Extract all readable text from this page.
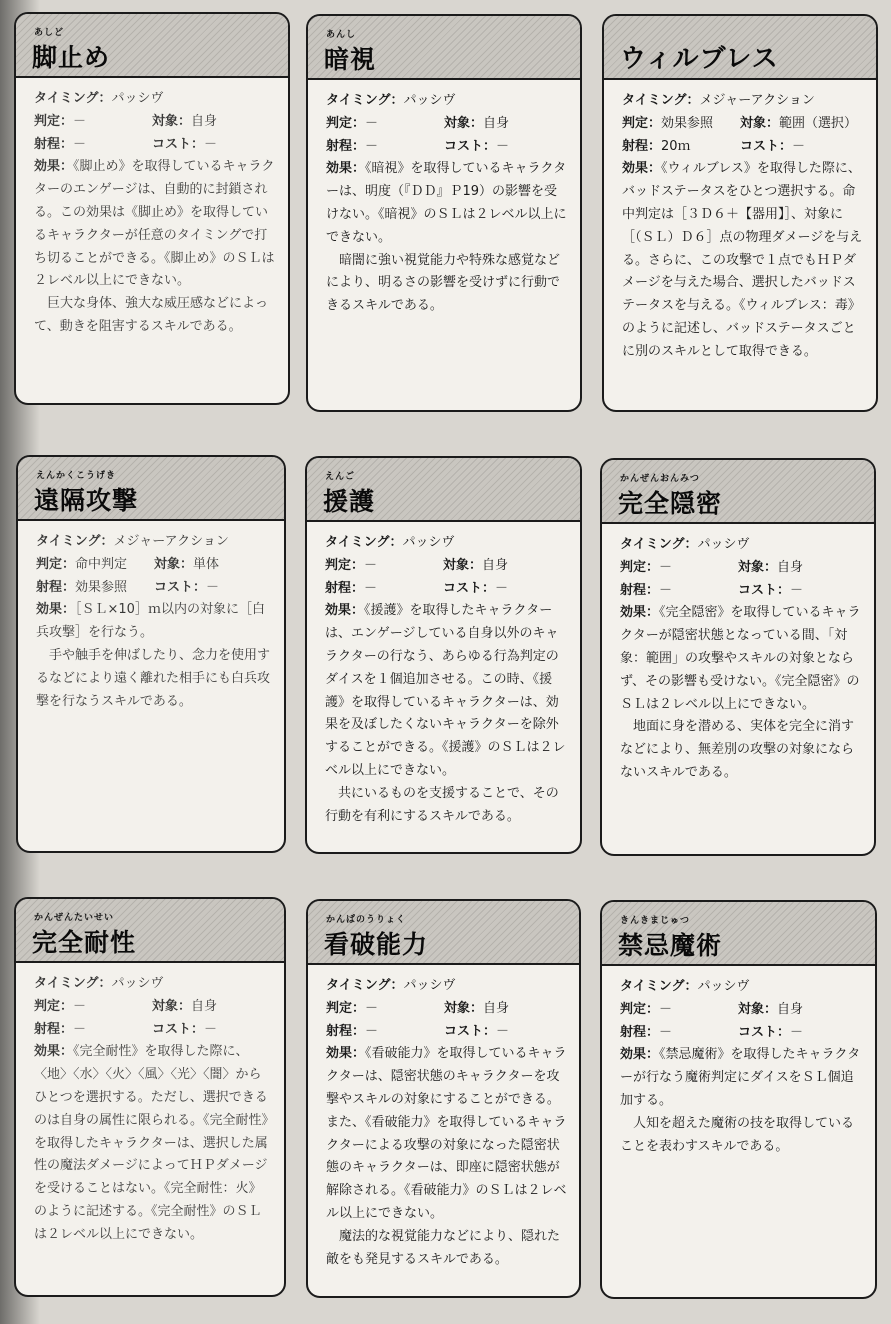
あしど
脚止め
タイミング：パッシヴ
判定：－	対象：自身
射程：－	コスト：－

効果：《脚止め》を取得しているキャラクターのエンゲージは、自動的に封鎖される。この効果は《脚止め》を取得しているキャラクターが任意のタイミングで打ち切ることができる。《脚止め》のＳＬは２レベル以上にできない。

巨大な身体、強大な威圧感などによって、動きを阻害するスキルである。

あんし
暗視
タイミング：パッシヴ
判定：－	対象：自身
射程：－	コスト：－

効果：《暗視》を取得しているキャラクターは、明度（『ＤＤ』Ｐ19）の影響を受けない。《暗視》のＳＬは２レベル以上にできない。

暗闇に強い視覚能力や特殊な感覚などにより、明るさの影響を受けずに行動できるスキルである。

ウィルブレス
タイミング：メジャーアクション
判定：効果参照 対象：範囲（選択）
射程：20ｍ	コスト：－

効果：《ウィルブレス》を取得した際に、バッドステータスをひとつ選択する。命中判定は［３Ｄ６＋【器用】］、対象に［（ＳＬ）Ｄ６］点の物理ダメージを与える。さらに、この攻撃で１点でもＨＰダメージを与えた場合、選択したバッドステータスを与える。《ウィルブレス：毒》のように記述し、バッドステータスごとに別のスキルとして取得できる。

えんかくこうげき
遠隔攻撃
タイミング：メジャーアクション
判定：命中判定 対象：単体
射程：効果参照 コスト：－

効果：［ＳＬ×10］ｍ以内の対象に［白兵攻撃］を行なう。

手や触手を伸ばしたり、念力を使用するなどにより遠く離れた相手にも白兵攻撃を行なうスキルである。

えんご
援護
タイミング：パッシヴ
判定：－	対象：自身
射程：－	コスト：－

効果：《援護》を取得したキャラクターは、エンゲージしている自身以外のキャラクターの行なう、あらゆる行為判定のダイスを１個追加させる。この時、《援護》を取得しているキャラクターは、効果を及ぼしたくないキャラクターを除外することができる。《援護》のＳＬは２レベル以上にできない。

共にいるものを支援することで、その行動を有利にするスキルである。

かんぜんおんみつ
完全隠密
タイミング：パッシヴ
判定：－	対象：自身
射程：－	コスト：－

効果：《完全隠密》を取得しているキャラクターが隠密状態となっている間、「対象：範囲」の攻撃やスキルの対象とならず、その影響も受けない。《完全隠密》のＳＬは２レベル以上にできない。

地面に身を潜める、実体を完全に消すなどにより、無差別の攻撃の対象にならないスキルである。

かんぜんたいせい
完全耐性
タイミング：パッシヴ
判定：－	対象：自身
射程：－	コスト：－

効果：《完全耐性》を取得した際に、〈地〉〈水〉〈火〉〈風〉〈光〉〈闇〉からひとつを選択する。ただし、選択できるのは自身の属性に限られる。《完全耐性》を取得したキャラクターは、選択した属性の魔法ダメージによってＨＰダメージを受けることはない。《完全耐性：火》のように記述する。《完全耐性》のＳＬは２レベル以上にできない。

かんぱのうりょく
看破能力
タイミング：パッシヴ
判定：－	対象：自身
射程：－	コスト：－

効果：《看破能力》を取得しているキャラクターは、隠密状態のキャラクターを攻撃やスキルの対象にすることができる。また、《看破能力》を取得しているキャラクターによる攻撃の対象になった隠密状態のキャラクターは、即座に隠密状態が解除される。《看破能力》のＳＬは２レベル以上にできない。

魔法的な視覚能力などにより、隠れた敵をも発見するスキルである。

きんきまじゅつ
禁忌魔術
タイミング：パッシヴ
判定：－	対象：自身
射程：－	コスト：－

効果：《禁忌魔術》を取得したキャラクターが行なう魔術判定にダイスをＳＬ個追加する。

人知を超えた魔術の技を取得していることを表わすスキルである。
